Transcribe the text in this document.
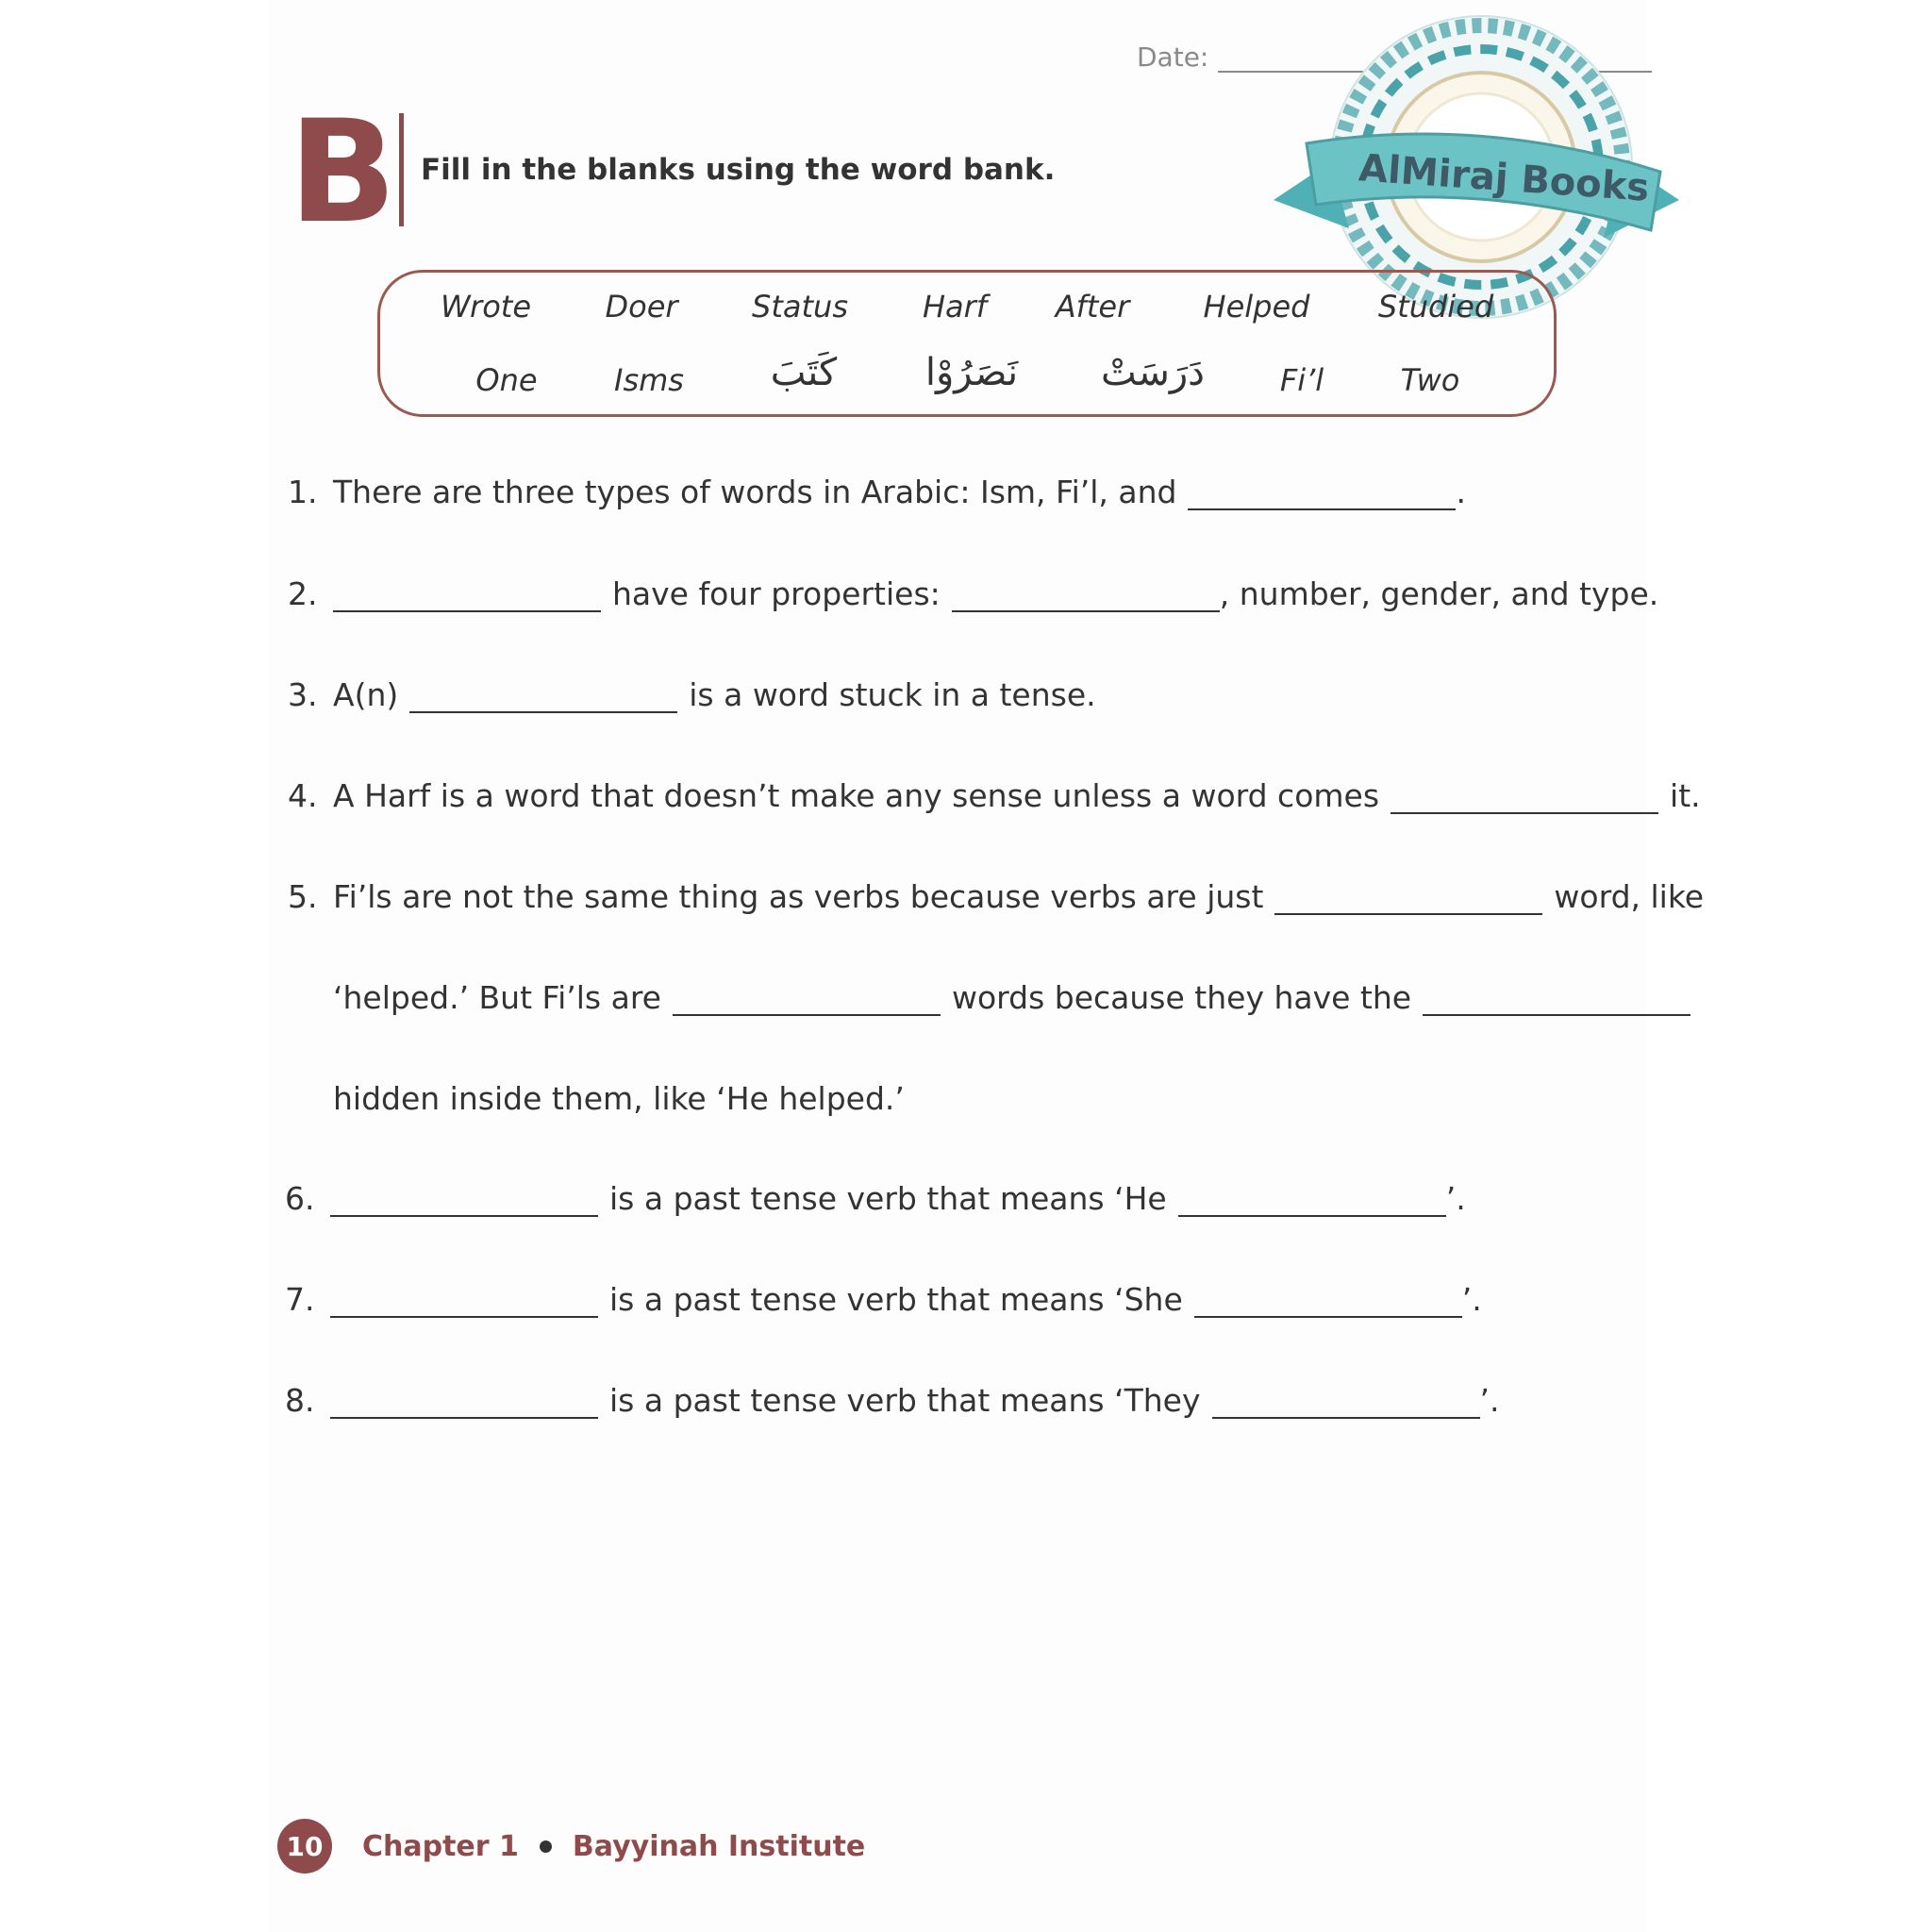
Date:
AlMiraj Books
B Fill in the blanks using the word bank.
Wrote Doer Status Harf After Helped Studied
One	Isms كَتَبَ نَصَرُوْا دَرَسَتْ Fi’l	Two
1. There are three types of words in Arabic: Ism, Fi’l, and	.
2.	have four properties:	, number, gender, and type.
3. A(n)	is a word stuck in a tense.
4. A Harf is a word that doesn’t make any sense unless a word comes	it.
5. Fi’ls are not the same thing as verbs because verbs are just	word, like
‘helped.’ But Fi’ls are	words because they have the
hidden inside them, like ‘He helped.’
6.	is a past tense verb that means ‘He	’.
7.	is a past tense verb that means ‘She	’.
8.	is a past tense verb that means ‘They	’.
10	Chapter 1 Bayyinah Institute
